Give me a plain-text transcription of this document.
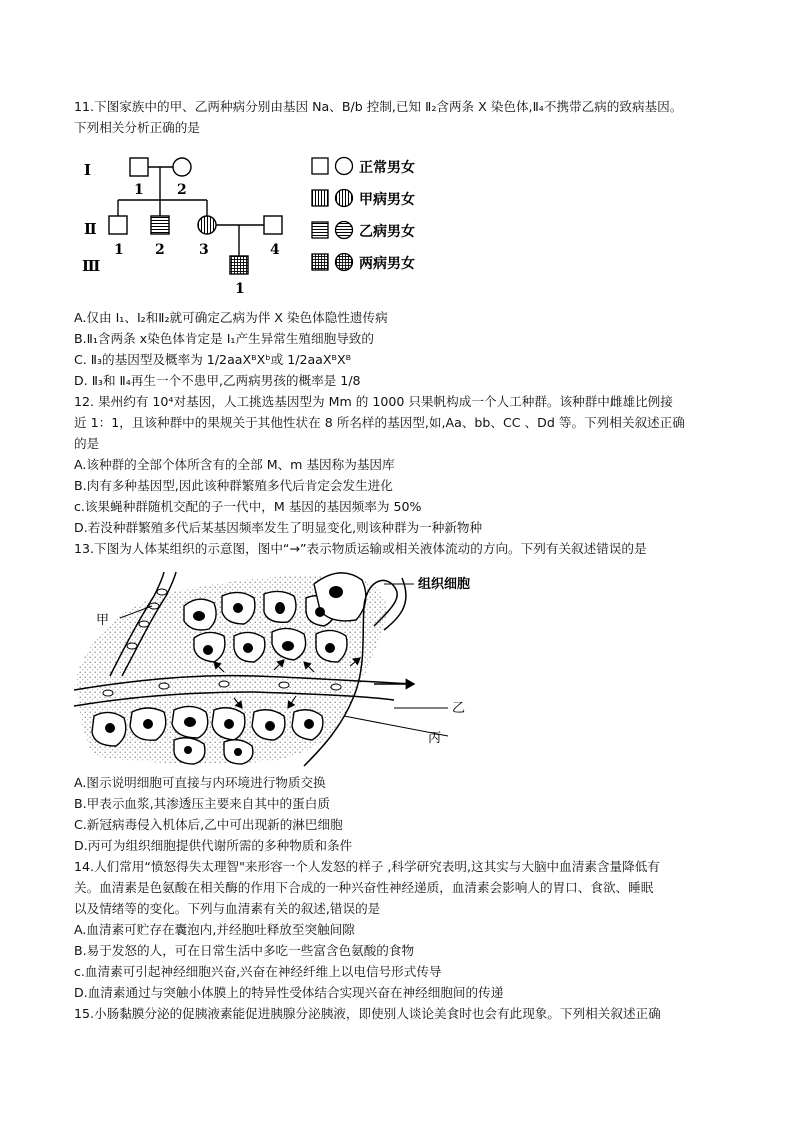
11.下图家族中的甲、乙两种病分别由基因 Na、B/b 控制,已知 Ⅱ₂含两条 X 染色体,Ⅱ₄不携带乙病的致病基因。
下列相关分析正确的是
Ⅰ
Ⅱ
Ⅲ
1 2
1 2 3	4
1
正常男女
甲病男女
乙病男女
两病男女
A.仅由 Ⅰ₁、Ⅰ₂和Ⅱ₂就可确定乙病为伴 X 染色体隐性遗传病
B.Ⅱ₁含两条 x染色体肯定是 Ⅰ₁产生异常生殖细胞导致的
C. Ⅱ₃的基因型及概率为 1/2aaXᴮXᵇ或 1/2aaXᴮXᴮ
D. Ⅱ₃和 Ⅱ₄再生一个不患甲,乙两病男孩的概率是 1/8
12. 果州约有 10⁴对基因，人工挑选基因型为 Mm 的 1000 只果帆构成一个人工种群。该种群中雌雄比例接
近 1：1，且该种群中的果规关于其他性状在 8 所名样的基因型,如,Aa、bb、CC 、Dd 等。下列相关叙述正确
的是
A.该种群的全部个体所含有的全部 M、m 基因称为基因库
B.肉有多种基因型,因此该种群繁殖多代后肯定会发生进化
c.该果蝇种群随机交配的子一代中，M 基因的基因频率为 50%
D.若没种群繁殖多代后某基因频率发生了明显变化,则该种群为一种新物种
13.下图为人体某组织的示意图，图中“→”表示物质运输或相关液体流动的方向。下列有关叙述错误的是
组织细胞
甲
乙
丙
A.图示说明细胞可直接与内环境进行物质交换
B.甲表示血浆,其渗透压主要来自其中的蛋白质
C.新冠病毒侵入机体后,乙中可出现新的淋巴细胞
D.丙可为组织细胞提供代谢所需的多种物质和条件
14.人们常用“愤怒得失太理智"来形容一个人发怒的样子 ,科学研究表明,这其实与大脑中血清素含量降低有
关。血清素是色氨酸在相关酶的作用下合成的一种兴奋性神经递质，血清素会影响人的胃口、食欲、睡眠
以及情绪等的变化。下列与血清素有关的叙述,错误的是
A.血清素可贮存在囊泡内,并经胞吐释放至突触间隙
B.易于发怒的人，可在日常生活中多吃一些富含色氨酸的食物
c.血清素可引起神经细胞兴奋,兴奋在神经纤维上以电信号形式传导
D.血清素通过与突触小体膜上的特异性受体结合实现兴奋在神经细胞间的传递
15.小肠黏膜分泌的促胰液素能促进胰腺分泌胰液，即使别人谈论美食时也会有此现象。下列相关叙述正确
